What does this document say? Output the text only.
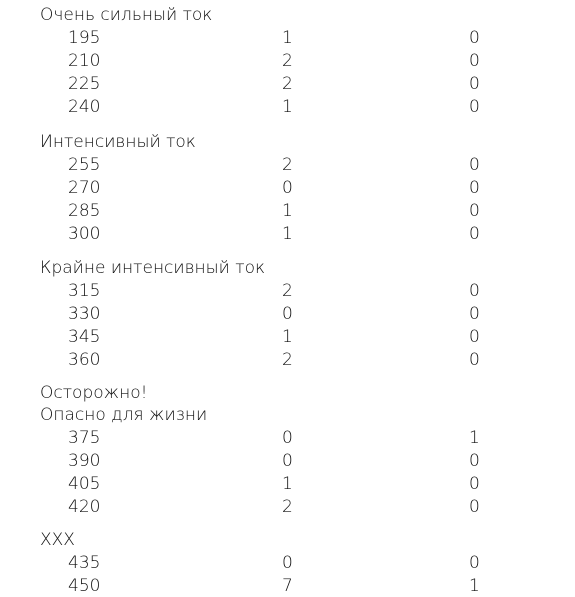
Очень сильный ток
195	1	0
210	2	0
225	2	0
240	1	0
Интенсивный ток
255	2	0
270	0	0
285	1	0
300	1	0
Крайне интенсивный ток
315	2	0
330	0	0
345	1	0
360	2	0
Осторожно!
Опасно для жизни
375	0	1
390	0	0
405	1	0
420	2	0
XXX
435	0	0
450	7	1
